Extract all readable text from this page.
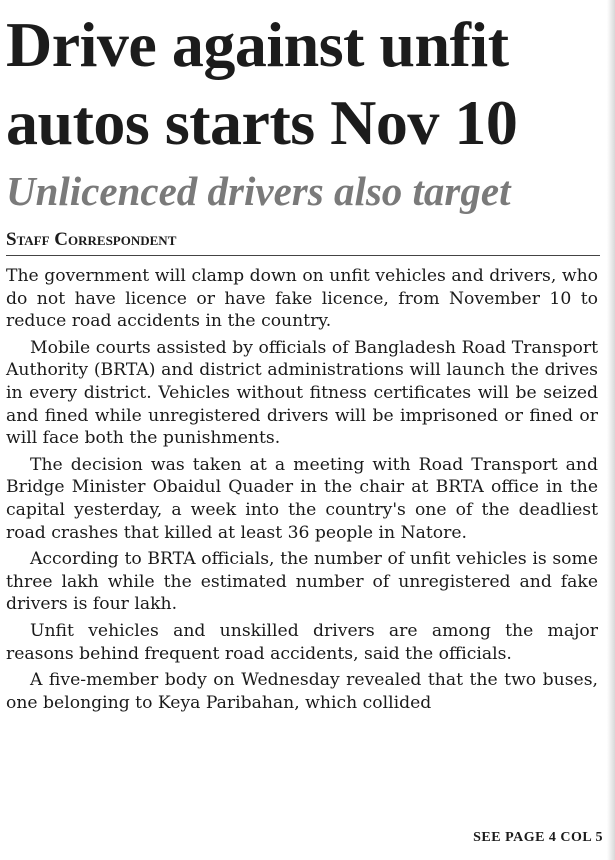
Drive against unfit
autos starts Nov 10
Unlicenced drivers also target
Staff Correspondent

The government will clamp down on unfit vehicles and drivers, who do not have licence or have fake licence, from November 10 to reduce road accidents in the country.

Mobile courts assisted by officials of Bangladesh Road Transport Authority (BRTA) and district administrations will launch the drives in every district. Vehicles without fitness certificates will be seized and fined while unregistered drivers will be imprisoned or fined or will face both the punishments.

The decision was taken at a meeting with Road Transport and Bridge Minister Obaidul Quader in the chair at BRTA office in the capital yesterday, a week into the country's one of the deadliest road crashes that killed at least 36 people in Natore.

According to BRTA officials, the number of unfit vehicles is some three lakh while the estimated number of unregistered and fake drivers is four lakh.

Unfit vehicles and unskilled drivers are among the major reasons behind frequent road accidents, said the officials.

A five-member body on Wednesday revealed that the two buses, one belonging to Keya Paribahan, which collided

SEE PAGE 4 COL 5
